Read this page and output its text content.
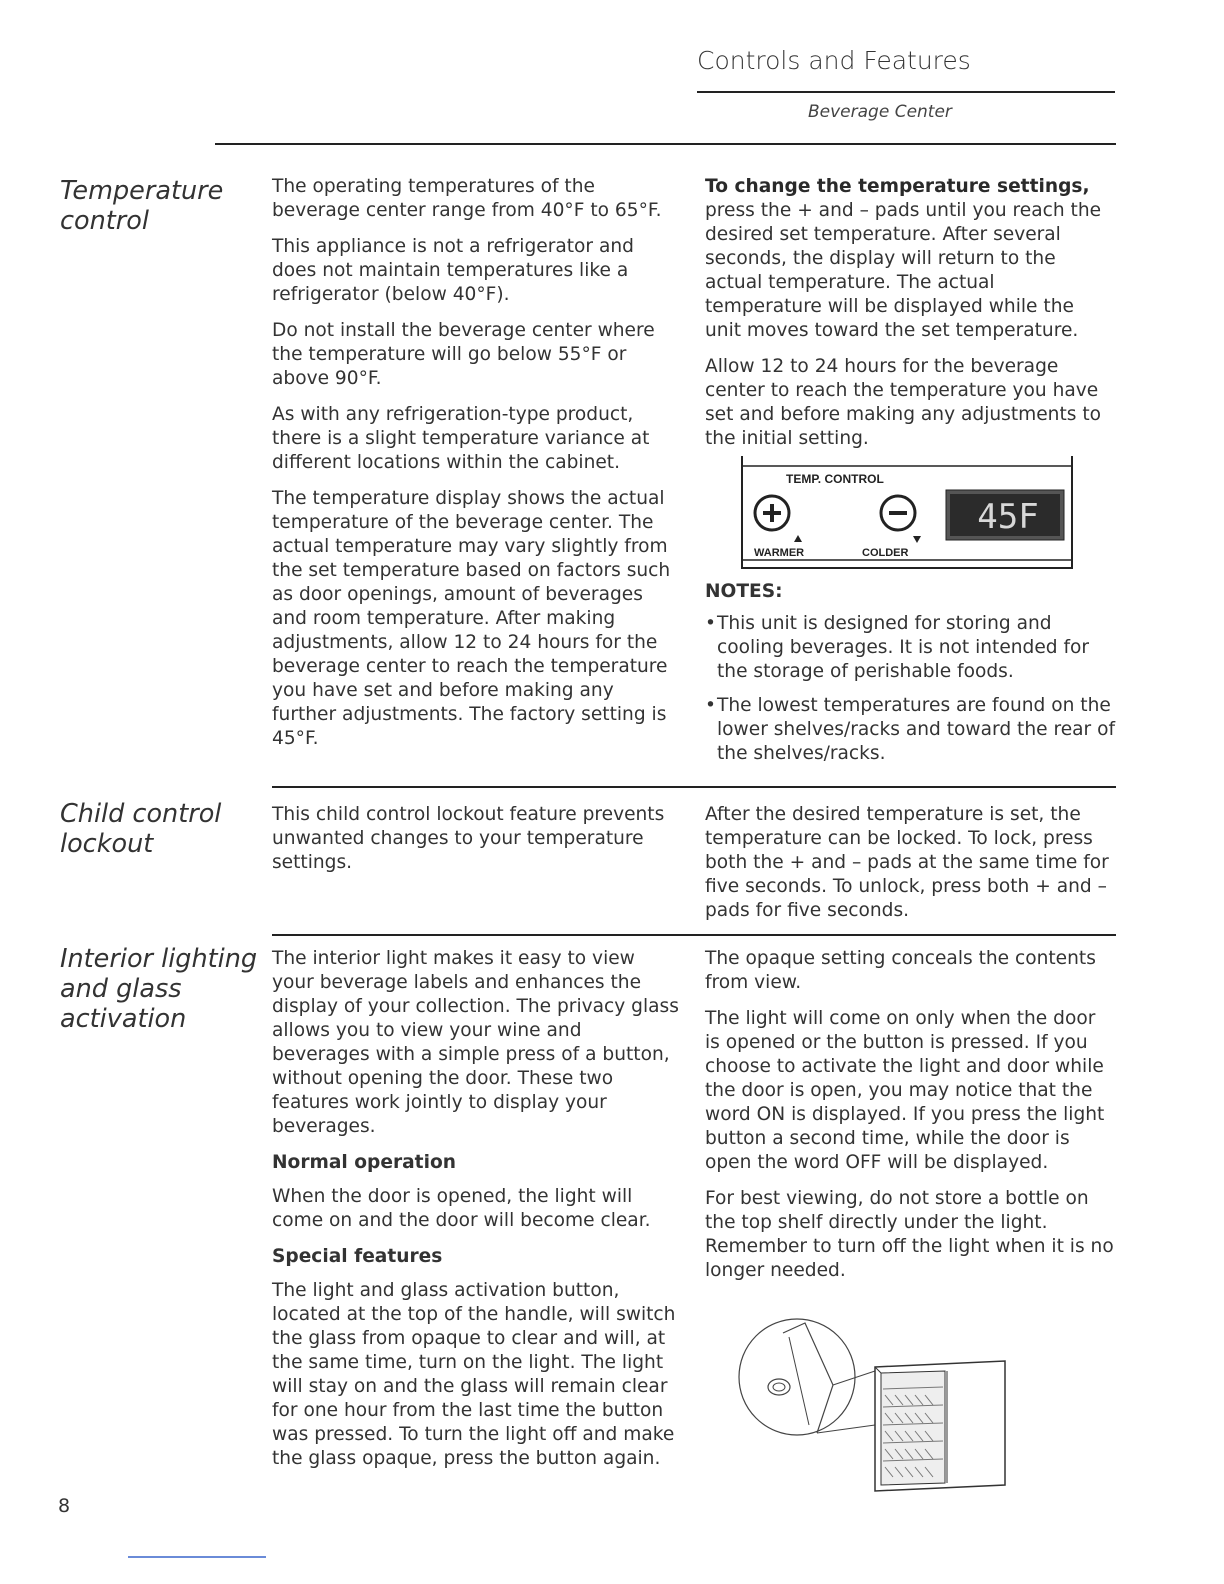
Controls and Features
Beverage Center
Temperature
control

The operating temperatures of the beverage center range from 40°F to 65°F.

This appliance is not a refrigerator and does not maintain temperatures like a refrigerator (below 40°F).

Do not install the beverage center where the temperature will go below 55°F or above 90°F.

As with any refrigeration-type product, there is a slight temperature variance at different locations within the cabinet.

The temperature display shows the actual temperature of the beverage center. The actual temperature may vary slightly from the set temperature based on factors such as door openings, amount of beverages and room temperature. After making adjustments, allow 12 to 24 hours for the beverage center to reach the temperature you have set and before making any further adjustments. The factory setting is 45°F.

To change the temperature settings, press the + and – pads until you reach the desired set temperature. After several seconds, the display will return to the actual temperature. The actual temperature will be displayed while the unit moves toward the set temperature.

Allow 12 to 24 hours for the beverage center to reach the temperature you have set and before making any adjustments to the initial setting.

TEMP. CONTROL
WARMER	COLDER
45F
NOTES:
• This unit is designed for storing and cooling beverages. It is not intended for the storage of perishable foods.
• The lowest temperatures are found on the lower shelves/racks and toward the rear of the shelves/racks.
Child control
lockout

This child control lockout feature prevents unwanted changes to your temperature settings.

After the desired temperature is set, the temperature can be locked. To lock, press both the + and – pads at the same time for five seconds. To unlock, press both + and – pads for five seconds.

Interior lighting
and glass
activation

The interior light makes it easy to view your beverage labels and enhances the display of your collection. The privacy glass allows you to view your wine and beverages with a simple press of a button, without opening the door. These two features work jointly to display your beverages.

Normal operation

When the door is opened, the light will come on and the door will become clear.

Special features

The light and glass activation button, located at the top of the handle, will switch the glass from opaque to clear and will, at the same time, turn on the light. The light will stay on and the glass will remain clear for one hour from the last time the button was pressed. To turn the light off and make the glass opaque, press the button again.

The opaque setting conceals the contents from view.

The light will come on only when the door is opened or the button is pressed. If you choose to activate the light and door while the door is open, you may notice that the word ON is displayed. If you press the light button a second time, while the door is open the word OFF will be displayed.

For best viewing, do not store a bottle on the top shelf directly under the light. Remember to turn off the light when it is no longer needed.

8
